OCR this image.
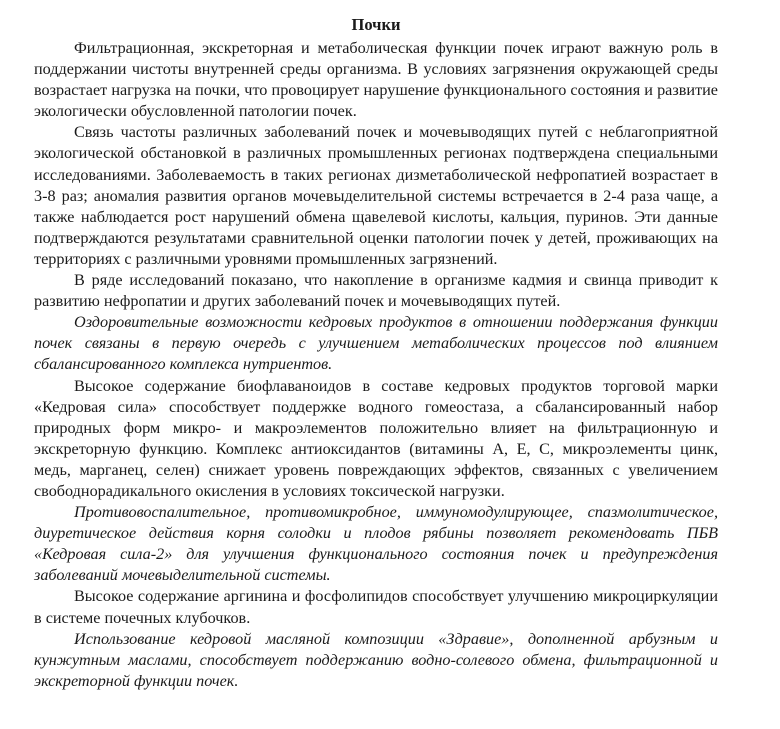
Почки

Фильтрационная, экскреторная и метаболическая функции почек играют важную роль в поддержании чистоты внутренней среды организма. В условиях загрязнения окружающей среды возрастает нагрузка на почки, что провоцирует нарушение функционального состояния и развитие экологически обусловленной патологии почек.

Связь частоты различных заболеваний почек и мочевыводящих путей с неблагоприятной экологической обстановкой в различных промышленных регионах подтверждена специальными исследованиями. Заболеваемость в таких регионах дизметаболической нефропатией возрастает в 3-8 раз; аномалия развития органов мочевыделительной системы встречается в 2-4 раза чаще, а также наблюдается рост нарушений обмена щавелевой кислоты, кальция, пуринов. Эти данные подтверждаются результатами сравнительной оценки патологии почек у детей, проживающих на территориях с различными уровнями промышленных загрязнений.

В ряде исследований показано, что накопление в организме кадмия и свинца приводит к развитию нефропатии и других заболеваний почек и мочевыводящих путей.

Оздоровительные возможности кедровых продуктов в отношении поддержания функции почек связаны в первую очередь с улучшением метаболических процессов под влиянием сбалансированного комплекса нутриентов.

Высокое содержание биофлаваноидов в составе кедровых продуктов торговой марки «Кедровая сила» способствует поддержке водного гомеостаза, а сбалансированный набор природных форм микро- и макроэлементов положительно влияет на фильтрационную и экскреторную функцию. Комплекс антиоксидантов (витамины А, Е, С, микроэлементы цинк, медь, марганец, селен) снижает уровень повреждающих эффектов, связанных с увеличением свободнорадикального окисления в условиях токсической нагрузки.

Противовоспалительное, противомикробное, иммуномодулирующее, спазмолитическое, диуретическое действия корня солодки и плодов рябины позволяет рекомендовать ПБВ «Кедровая сила-2» для улучшения функционального состояния почек и предупреждения заболеваний мочевыделительной системы.

Высокое содержание аргинина и фосфолипидов способствует улучшению микроциркуляции в системе почечных клубочков.

Использование кедровой масляной композиции «Здравие», дополненной арбузным и кунжутным маслами, способствует поддержанию водно-солевого обмена, фильтрационной и экскреторной функции почек.
